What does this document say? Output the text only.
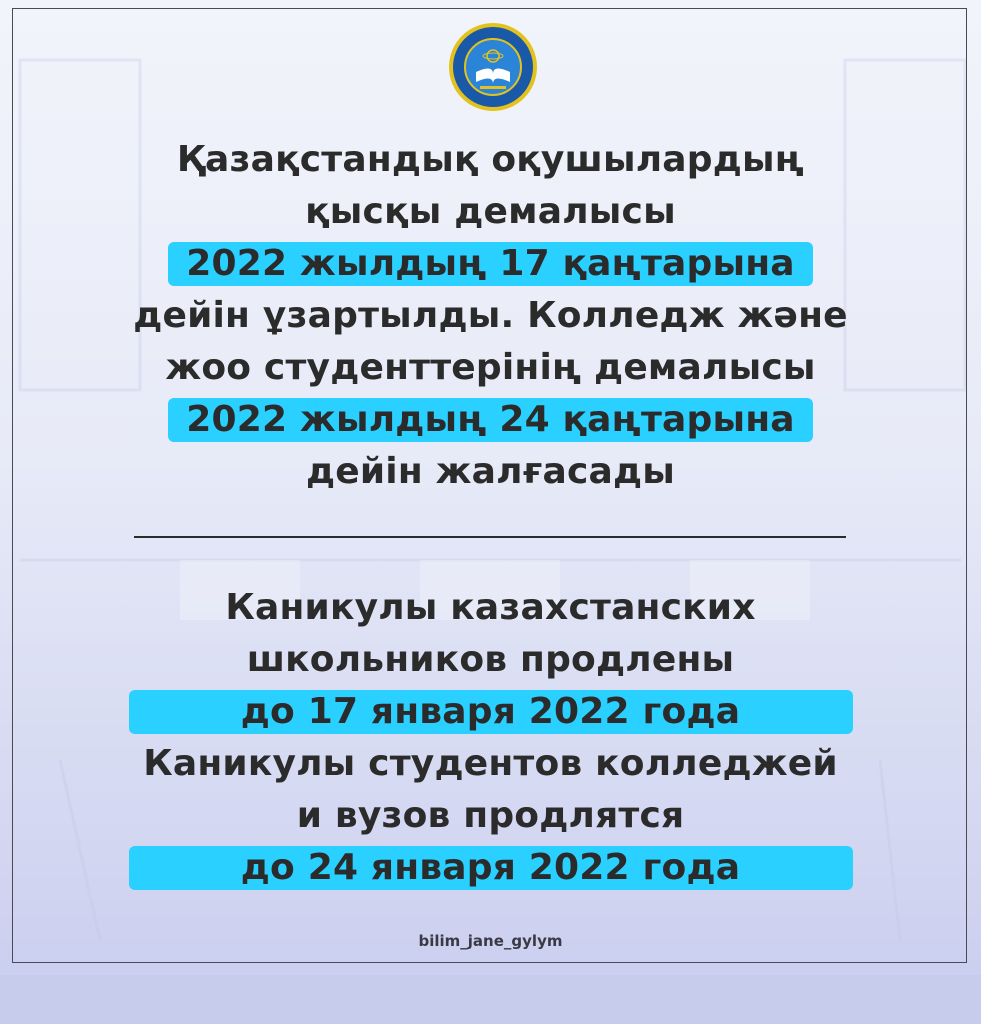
Қазақстандық оқушылардың
қысқы демалысы
2022 жылдың 17 қаңтарына
дейін ұзартылды. Колледж және
жоо студенттерінің демалысы
2022 жылдың 24 қаңтарына
дейін жалғасады
Каникулы казахстанских
школьников продлены
до 17 января 2022 года
Каникулы студентов колледжей
и вузов продлятся
до 24 января 2022 года
bilim_jane_gylym
